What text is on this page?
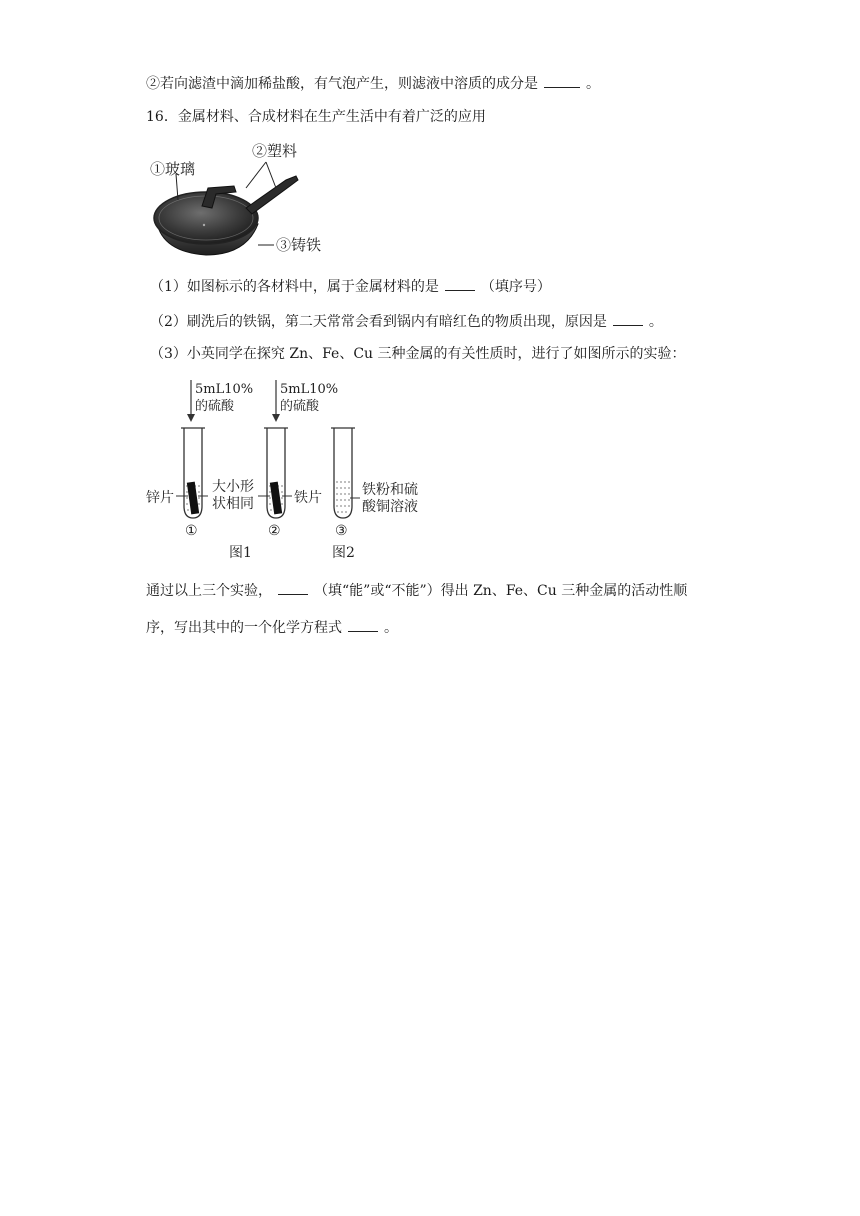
②若向滤渣中滴加稀盐酸，有气泡产生，则滤液中溶质的成分是	。
16．金属材料、合成材料在生产生活中有着广泛的应用
①玻璃
②塑料
③铸铁
（1）如图标示的各材料中，属于金属材料的是	（填序号）
（2）刷洗后的铁锅，第二天常常会看到锅内有暗红色的物质出现，原因是	。
（3）小英同学在探究 Zn、Fe、Cu 三种金属的有关性质时，进行了如图所示的实验：
5mL10%
的硫酸
5mL10%
的硫酸
锌片
大小形
状相同	铁片	铁粉和硫
酸铜溶液
①	②	③
图1	图2
通过以上三个实验，	（填“能”或“不能”）得出 Zn、Fe、Cu 三种金属的活动性顺
序，写出其中的一个化学方程式	。
